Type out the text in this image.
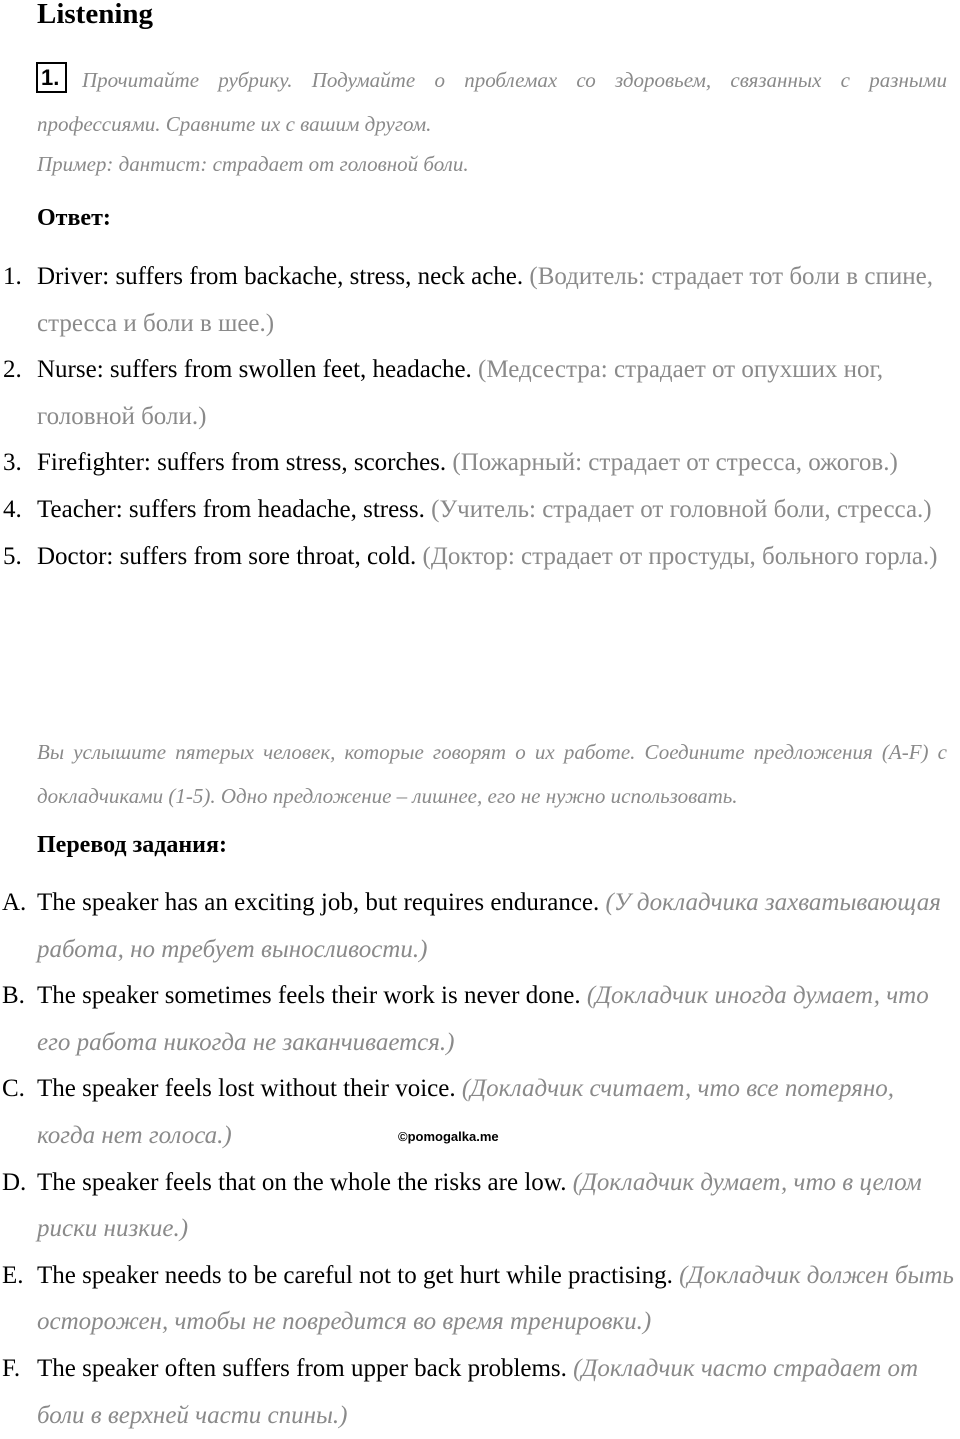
Listening
1.	Прочитайте рубрику. Подумайте о проблемах со здоровьем, связанных с разными профессиями. Сравните их с вашим другом.

Пример: дантист: страдает от головной боли.

Ответ:

1. Driver: suffers from backache, stress, neck ache. (Водитель: страдает тот боли в спине, стресса и боли в шее.)
2. Nurse: suffers from swollen feet, headache. (Медсестра: страдает от опухших ног, головной боли.)
3. Firefighter: suffers from stress, scorches. (Пожарный: страдает от стресса, ожогов.)
4. Teacher: suffers from headache, stress. (Учитель: страдает от головной боли, стресса.)
5. Doctor: suffers from sore throat, cold. (Доктор: страдает от простуды, больного горла.)

Вы услышите пятерых человек, которые говорят о их работе. Соедините предложения (A-F) с докладчиками (1-5). Одно предложение – лишнее, его не нужно использовать.

Перевод задания:

A. The speaker has an exciting job, but requires endurance. (У докладчика захватывающая работа, но требует выносливости.)
B. The speaker sometimes feels their work is never done. (Докладчик иногда думает, что его работа никогда не заканчивается.)
C. The speaker feels lost without their voice. (Докладчик считает, что все потеряно, когда нет голоса.)
D. The speaker feels that on the whole the risks are low. (Докладчик думает, что в целом риски низкие.)
E. The speaker needs to be careful not to get hurt while practising. (Докладчик должен быть осторожен, чтобы не повредится во время тренировки.)
F. The speaker often suffers from upper back problems. (Докладчик часто страдает от боли в верхней части спины.)
©pomogalka.me
